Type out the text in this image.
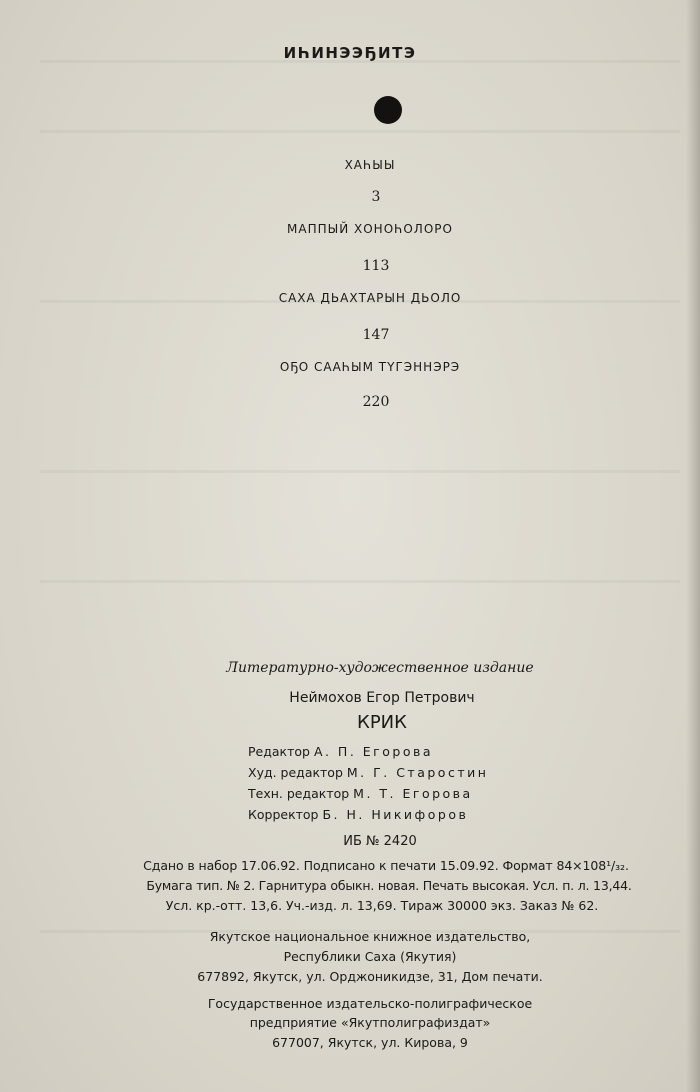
ИҺИНЭЭҔИТЭ
ХАҺЫЫ
3
МАППЫЙ ХОНОҺОЛОРО
113
САХА ДЬАХТАРЫН ДЬОЛО
147
ОҔО СААҺЫМ ТҮГЭННЭРЭ
220
Литературно-художественное издание
Неймохов Егор Петрович
КРИК
Редактор А. П. Егорова
Худ. редактор М. Г. Старостин
Техн. редактор М. Т. Егорова
Корректор Б. Н. Никифоров
ИБ № 2420
Сдано в набор 17.06.92. Подписано к печати 15.09.92. Формат 84×108¹/₃₂.
Бумага тип. № 2. Гарнитура обыкн. новая. Печать высокая. Усл. п. л. 13,44.
Усл. кр.-отт. 13,6. Уч.-изд. л. 13,69. Тираж 30000 экз. Заказ № 62.
Якутское национальное книжное издательство,
Республики Саха (Якутия)
677892, Якутск, ул. Орджоникидзе, 31, Дом печати.
Государственное издательско-полиграфическое
предприятие «Якутполиграфиздат»
677007, Якутск, ул. Кирова, 9
